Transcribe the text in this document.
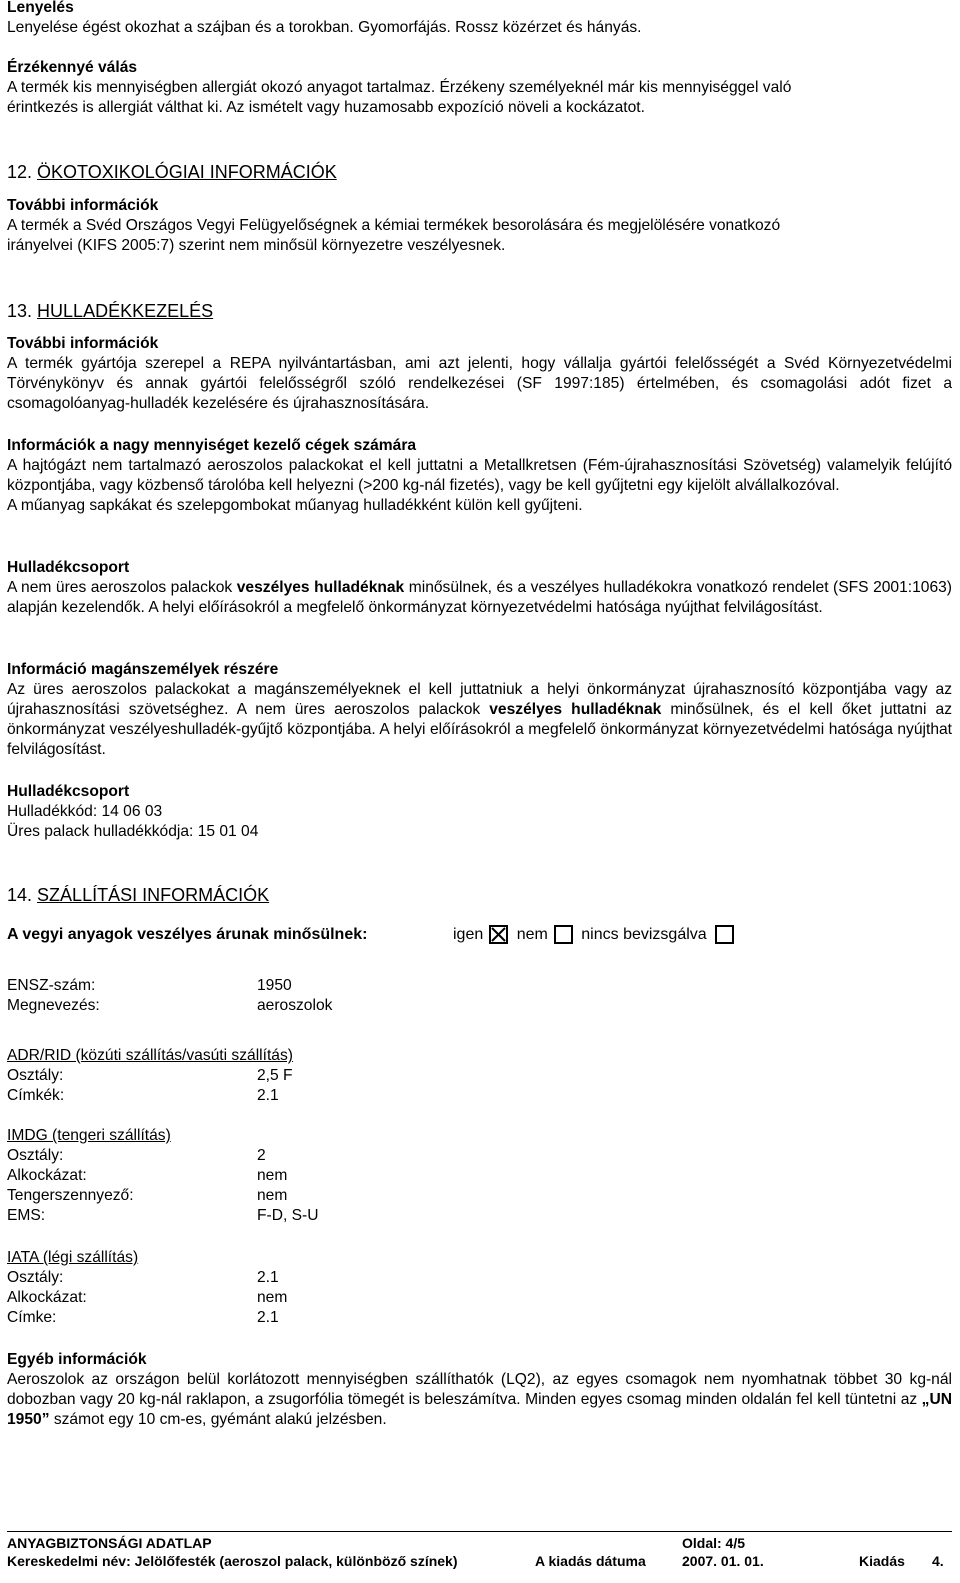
Lenyelés

Lenyelése égést okozhat a szájban és a torokban. Gyomorfájás. Rossz közérzet és hányás.

Érzékennyé válás

A termék kis mennyiségben allergiát okozó anyagot tartalmaz. Érzékeny személyeknél már kis mennyiséggel való

érintkezés is allergiát válthat ki. Az ismételt vagy huzamosabb expozíció növeli a kockázatot.

12. ÖKOTOXIKOLÓGIAI INFORMÁCIÓK

További információk

A termék a Svéd Országos Vegyi Felügyelőségnek a kémiai termékek besorolására és megjelölésére vonatkozó

irányelvei (KIFS 2005:7) szerint nem minősül környezetre veszélyesnek.

13. HULLADÉKKEZELÉS

További információk

A termék gyártója szerepel a REPA nyilvántartásban, ami azt jelenti, hogy vállalja gyártói felelősségét a Svéd Környezetvédelmi Törvénykönyv és annak gyártói felelősségről szóló rendelkezései (SF 1997:185) értelmében, és csomagolási adót fizet a csomagolóanyag-hulladék kezelésére és újrahasznosítására.

Információk a nagy mennyiséget kezelő cégek számára

A hajtógázt nem tartalmazó aeroszolos palackokat el kell juttatni a Metallkretsen (Fém-újrahasznosítási Szövetség) valamelyik felújító központjába, vagy közbenső tárolóba kell helyezni (>200 kg-nál fizetés), vagy be kell gyűjtetni egy kijelölt alvállalkozóval.

A műanyag sapkákat és szelepgombokat műanyag hulladékként külön kell gyűjteni.

Hulladékcsoport

A nem üres aeroszolos palackok veszélyes hulladéknak minősülnek, és a veszélyes hulladékokra vonatkozó rendelet (SFS 2001:1063) alapján kezelendők. A helyi előírásokról a megfelelő önkormányzat környezetvédelmi hatósága nyújthat felvilágosítást.

Információ magánszemélyek részére

Az üres aeroszolos palackokat a magánszemélyeknek el kell juttatniuk a helyi önkormányzat újrahasznosító központjába vagy az újrahasznosítási szövetséghez. A nem üres aeroszolos palackok veszélyes hulladéknak minősülnek, és el kell őket juttatni az önkormányzat veszélyeshulladék-gyűjtő központjába. A helyi előírásokról a megfelelő önkormányzat környezetvédelmi hatósága nyújthat felvilágosítást.

Hulladékcsoport

Hulladékkód: 14 06 03

Üres palack hulladékkódja: 15 01 04

14. SZÁLLÍTÁSI INFORMÁCIÓK
A vegyi anyagok veszélyes árunak minősülnek:	igen nem nincs bevizsgálva
ENSZ-szám:	1950
Megnevezés:	aeroszolok
ADR/RID (közúti szállítás/vasúti szállítás)
Osztály:	2,5 F
Címkék:	2.1
IMDG (tengeri szállítás)
Osztály:	2
Alkockázat:	nem
Tengerszennyező:	nem
EMS:	F-D, S-U
IATA (légi szállítás)
Osztály:	2.1
Alkockázat:	nem
Címke:	2.1

Egyéb információk

Aeroszolok az országon belül korlátozott mennyiségben szállíthatók (LQ2), az egyes csomagok nem nyomhatnak többet 30 kg-nál dobozban vagy 20 kg-nál raklapon, a zsugorfólia tömegét is beleszámítva. Minden egyes csomag minden oldalán fel kell tüntetni az „UN 1950” számot egy 10 cm-es, gyémánt alakú jelzésben.

ANYAGBIZTONSÁGI ADATLAP	Oldal: 4/5
Kereskedelmi név: Jelölőfesték (aeroszol palack, különböző színek)	A kiadás dátuma	2007. 01. 01.	Kiadás 4.
